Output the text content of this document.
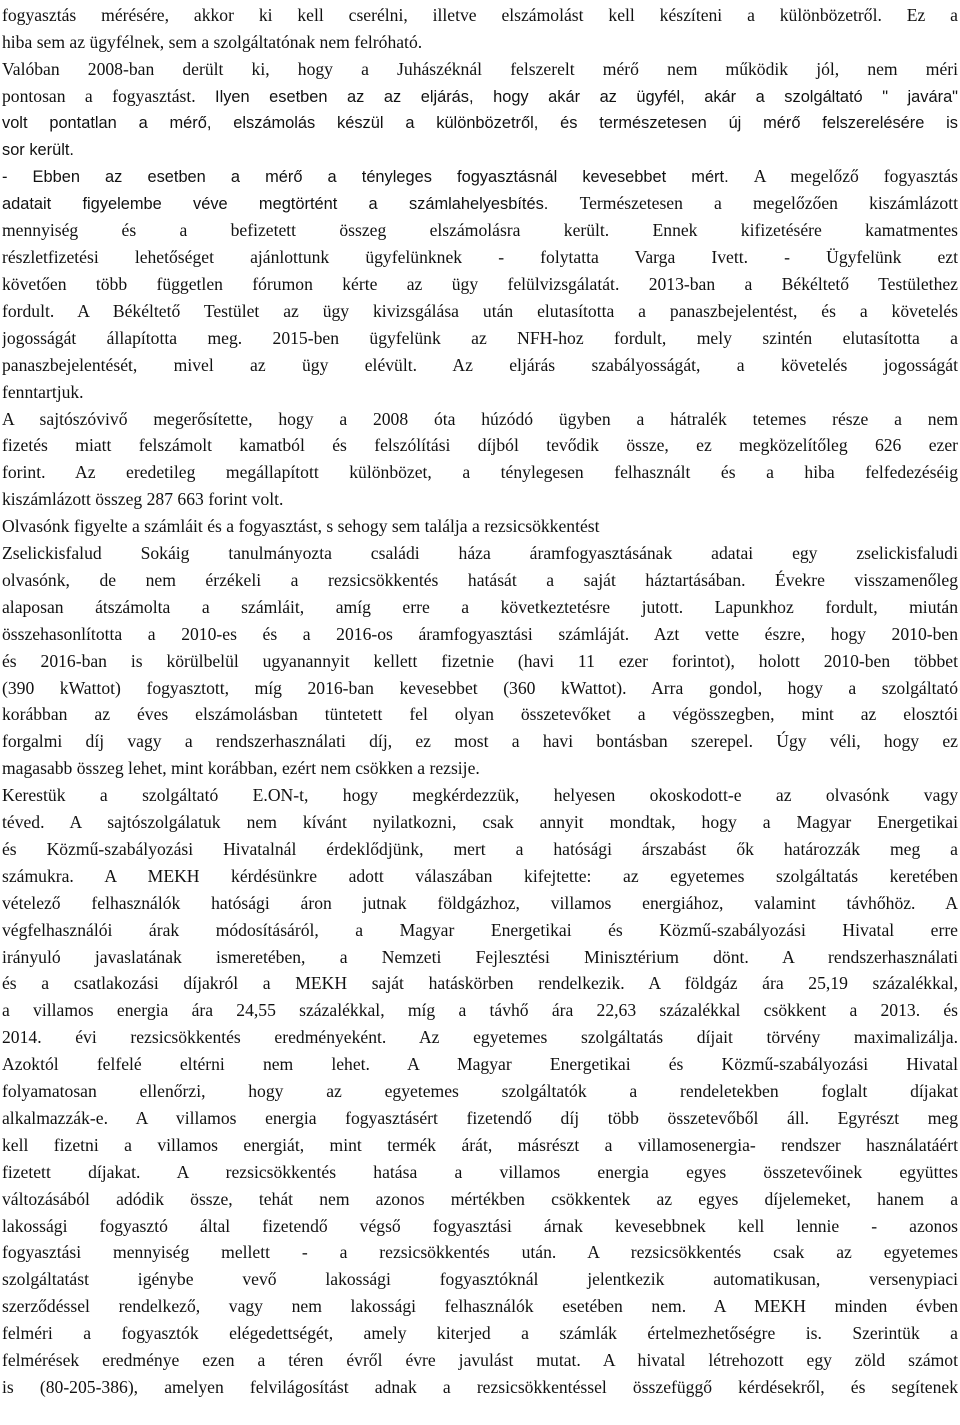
fogyasztás mérésére, akkor ki kell cserélni, illetve elszámolást kell készíteni a különbözetről. Ez a
hiba sem az ügyfélnek, sem a szolgáltatónak nem felróható.
Valóban 2008-ban derült ki, hogy a Juhászéknál felszerelt mérő nem működik jól, nem méri
pontosan a fogyasztást. Ilyen esetben az az eljárás, hogy akár az ügyfél, akár a szolgáltató " javára"
volt pontatlan a mérő, elszámolás készül a különbözetről, és természetesen új mérő felszerelésére is
sor került.
- Ebben az esetben a mérő a tényleges fogyasztásnál kevesebbet mért. A megelőző fogyasztás
adatait figyelembe véve megtörtént a számlahelyesbítés. Természetesen a megelőzően kiszámlázott
mennyiség és a befizetett összeg elszámolásra került. Ennek kifizetésére kamatmentes
részletfizetési lehetőséget ajánlottunk ügyfelünknek - folytatta Varga Ivett. - Ügyfelünk ezt
követően több független fórumon kérte az ügy felülvizsgálatát. 2013-ban a Békéltető Testülethez
fordult. A Békéltető Testület az ügy kivizsgálása után elutasította a panaszbejelentést, és a követelés
jogosságát állapította meg. 2015-ben ügyfelünk az NFH-hoz fordult, mely szintén elutasította a
panaszbejelentését, mivel az ügy elévült. Az eljárás szabályosságát, a követelés jogosságát
fenntartjuk.
A sajtószóvivő megerősítette, hogy a 2008 óta húzódó ügyben a hátralék tetemes része a nem
fizetés miatt felszámolt kamatból és felszólítási díjból tevődik össze, ez megközelítőleg 626 ezer
forint. Az eredetileg megállapított különbözet, a ténylegesen felhasznált és a hiba felfedezéséig
kiszámlázott összeg 287 663 forint volt.
Olvasónk figyelte a számláit és a fogyasztást, s sehogy sem találja a rezsicsökkentést
Zselickisfalud Sokáig tanulmányozta családi háza áramfogyasztásának adatai egy zselickisfaludi
olvasónk, de nem érzékeli a rezsicsökkentés hatását a saját háztartásában. Évekre visszamenőleg
alaposan átszámolta a számláit, amíg erre a következtetésre jutott. Lapunkhoz fordult, miután
összehasonlította a 2010-es és a 2016-os áramfogyasztási számláját. Azt vette észre, hogy 2010-ben
és 2016-ban is körülbelül ugyanannyit kellett fizetnie (havi 11 ezer forintot), holott 2010-ben többet
(390 kWattot) fogyasztott, míg 2016-ban kevesebbet (360 kWattot). Arra gondol, hogy a szolgáltató
korábban az éves elszámolásban tüntetett fel olyan összetevőket a végösszegben, mint az elosztói
forgalmi díj vagy a rendszerhasználati díj, ez most a havi bontásban szerepel. Úgy véli, hogy ez
magasabb összeg lehet, mint korábban, ezért nem csökken a rezsije.
Kerestük a szolgáltató E.ON-t, hogy megkérdezzük, helyesen okoskodott-e az olvasónk vagy
téved. A sajtószolgálatuk nem kívánt nyilatkozni, csak annyit mondtak, hogy a Magyar Energetikai
és Közmű-szabályozási Hivatalnál érdeklődjünk, mert a hatósági árszabást ők határozzák meg a
számukra. A MEKH kérdésünkre adott válaszában kifejtette: az egyetemes szolgáltatás keretében
vételező felhasználók hatósági áron jutnak földgázhoz, villamos energiához, valamint távhőhöz. A
végfelhasználói árak módosításáról, a Magyar Energetikai és Közmű-szabályozási Hivatal erre
irányuló javaslatának ismeretében, a Nemzeti Fejlesztési Minisztérium dönt. A rendszerhasználati
és a csatlakozási díjakról a MEKH saját hatáskörben rendelkezik. A földgáz ára 25,19 százalékkal,
a villamos energia ára 24,55 százalékkal, míg a távhő ára 22,63 százalékkal csökkent a 2013. és
2014. évi rezsicsökkentés eredményeként. Az egyetemes szolgáltatás díjait törvény maximalizálja.
Azoktól felfelé eltérni nem lehet. A Magyar Energetikai és Közmű-szabályozási Hivatal
folyamatosan ellenőrzi, hogy az egyetemes szolgáltatók a rendeletekben foglalt díjakat
alkalmazzák-e. A villamos energia fogyasztásért fizetendő díj több összetevőből áll. Egyrészt meg
kell fizetni a villamos energiát, mint termék árát, másrészt a villamosenergia- rendszer használatáért
fizetett díjakat. A rezsicsökkentés hatása a villamos energia egyes összetevőinek együttes
változásából adódik össze, tehát nem azonos mértékben csökkentek az egyes díjelemeket, hanem a
lakossági fogyasztó által fizetendő végső fogyasztási árnak kevesebbnek kell lennie - azonos
fogyasztási mennyiség mellett - a rezsicsökkentés után. A rezsicsökkentés csak az egyetemes
szolgáltatást igénybe vevő lakossági fogyasztóknál jelentkezik automatikusan, versenypiaci
szerződéssel rendelkező, vagy nem lakossági felhasználók esetében nem. A MEKH minden évben
felméri a fogyasztók elégedettségét, amely kiterjed a számlák értelmezhetőségre is. Szerintük a
felmérések eredménye ezen a téren évről évre javulást mutat. A hivatal létrehozott egy zöld számot
is (80-205-386), amelyen felvilágosítást adnak a rezsicsökkentéssel összefüggő kérdésekről, és segítenek
